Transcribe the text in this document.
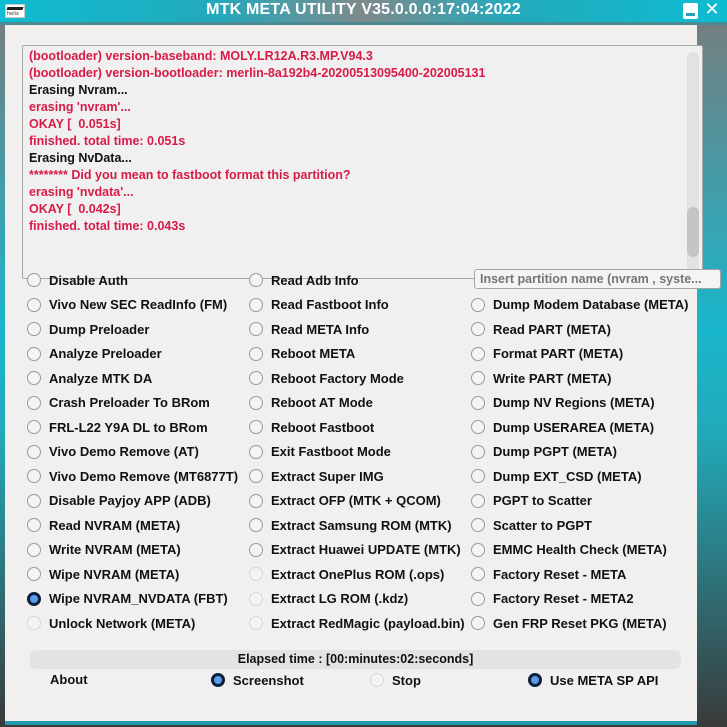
helix	MTK META UTILITY V35.0.0.0:17:04:2022	✕
(bootloader) version-baseband: MOLY.LR12A.R3.MP.V94.3
(bootloader) version-bootloader: merlin-8a192b4-20200513095400-202005131
Erasing Nvram...
erasing 'nvram'...
OKAY [  0.051s]
finished. total time: 0.051s
Erasing NvData...
******** Did you mean to fastboot format this partition?
erasing 'nvdata'...
OKAY [  0.042s]
finished. total time: 0.043s
Disable Auth
Vivo New SEC ReadInfo (FM)
Dump Preloader
Analyze Preloader
Analyze MTK DA
Crash Preloader To BRom
FRL-L22 Y9A DL to BRom
Vivo Demo Remove (AT)
Vivo Demo Remove (MT6877T)
Disable Payjoy APP (ADB)
Read NVRAM (META)
Write NVRAM (META)
Wipe NVRAM (META)
Wipe NVRAM_NVDATA (FBT)
Unlock Network (META)
Read Adb Info
Read Fastboot Info
Read META Info
Reboot META
Reboot Factory Mode
Reboot AT Mode
Reboot Fastboot
Exit Fastboot Mode
Extract Super IMG
Extract OFP (MTK + QCOM)
Extract Samsung ROM (MTK)
Extract Huawei UPDATE (MTK)
Extract OnePlus ROM (.ops)
Extract LG ROM (.kdz)
Extract RedMagic (payload.bin)
Dump Modem Database (META)
Read PART (META)
Format PART (META)
Write PART (META)
Dump NV Regions (META)
Dump USERAREA (META)
Dump PGPT (META)
Dump EXT_CSD (META)
PGPT to Scatter
Scatter to PGPT
EMMC Health Check (META)
Factory Reset - META
Factory Reset - META2
Gen FRP Reset PKG (META)
Insert partition name (nvram , syste...
Elapsed time : [00:minutes:02:seconds]
About	Screenshot	Stop	Use META SP API
